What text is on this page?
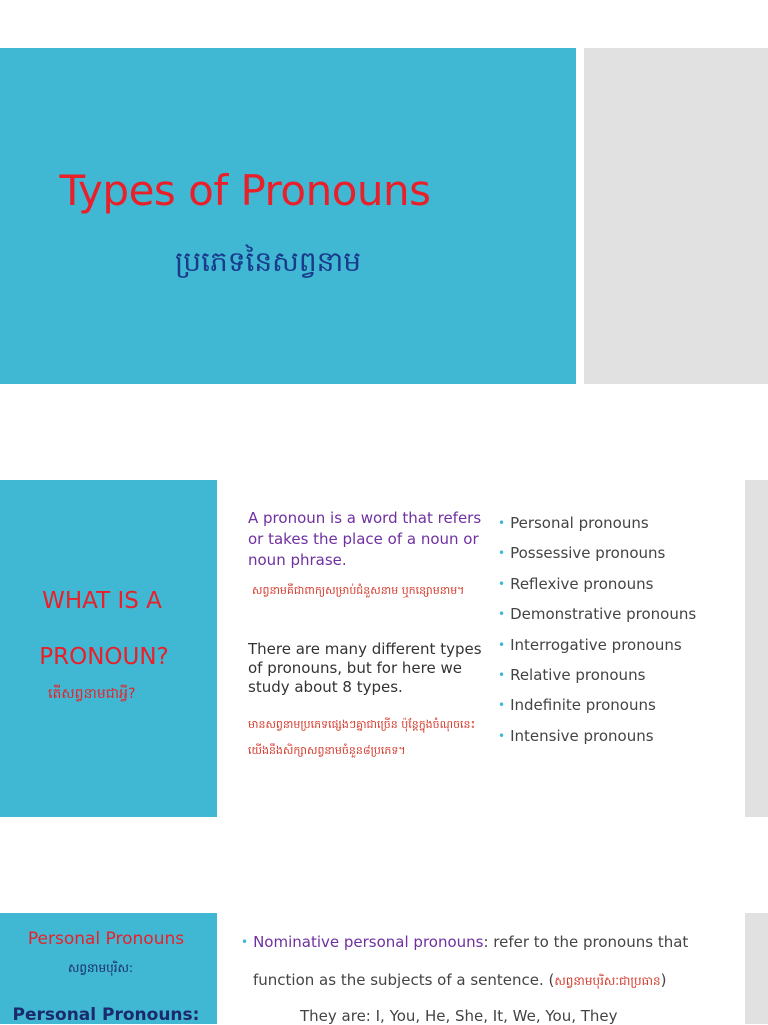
Types of Pronouns
ប្រភេទនៃសព្វនាម
WHAT IS A
PRONOUN?
តើសព្វនាមជាអ្វី?
A pronoun is a word that refers or takes the place of a noun or noun phrase.
សព្វនាមគឺជាពាក្យសម្រាប់ជំនួសនាម ឬកន្សោមនាម។
There are many different types of pronouns, but for here we study about 8 types.
មានសព្វនាមប្រភេទផ្សេងៗគ្នាជាច្រើន ប៉ុន្តែក្នុងចំណុចនេះ យើងនឹងសិក្សាសព្វនាមចំនួន៨ប្រភេទ។
• Personal pronouns
• Possessive pronouns
• Reflexive pronouns
• Demonstrative pronouns
• Interrogative pronouns
• Relative pronouns
• Indefinite pronouns
• Intensive pronouns
Personal Pronouns
សព្វនាមបុរិស:
Personal Pronouns:
• Nominative personal pronouns: refer to the pronouns that
function as the subjects of a sentence. (សព្វនាមបុរិសៈជាប្រធាន)
They are: I, You, He, She, It, We, You, They
